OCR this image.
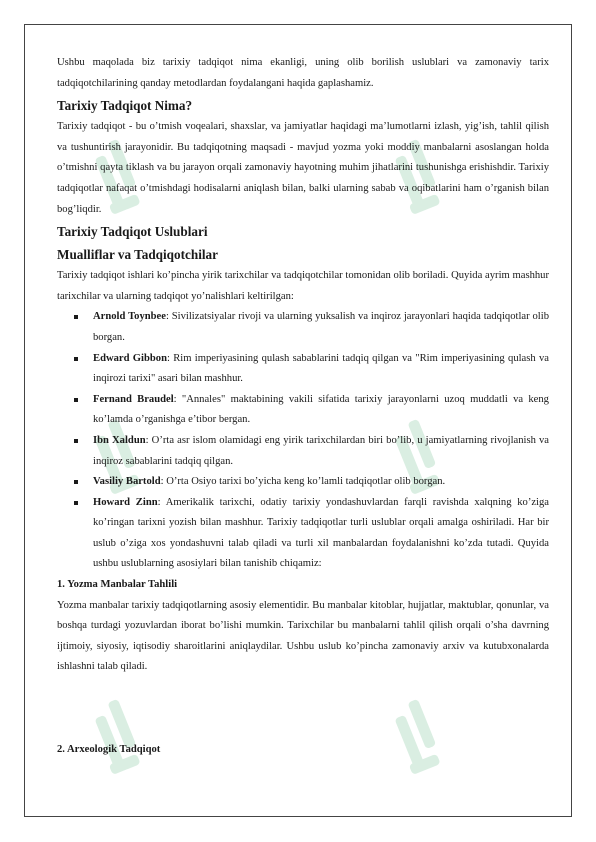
Ushbu maqolada biz tarixiy tadqiqot nima ekanligi, uning olib borilish uslublari va zamonaviy tarix tadqiqotchilarining qanday metodlardan foydalangani haqida gaplashamiz.

Tarixiy Tadqiqot Nima?

Tarixiy tadqiqot - bu o’tmish voqealari, shaxslar, va jamiyatlar haqidagi ma’lumotlarni izlash, yig’ish, tahlil qilish va tushuntirish jarayonidir. Bu tadqiqotning maqsadi - mavjud yozma yoki moddiy manbalarni asoslangan holda o’tmishni qayta tiklash va bu jarayon orqali zamonaviy hayotning muhim jihatlarini tushunishga erishishdir. Tarixiy tadqiqotlar nafaqat o’tmishdagi hodisalarni aniqlash bilan, balki ularning sabab va oqibatlarini ham o’rganish bilan bog’liqdir.

Tarixiy Tadqiqot Uslublari
Mualliflar va Tadqiqotchilar

Tarixiy tadqiqot ishlari ko’pincha yirik tarixchilar va tadqiqotchilar tomonidan olib boriladi. Quyida ayrim mashhur tarixchilar va ularning tadqiqot yo’nalishlari keltirilgan:

Arnold Toynbee: Sivilizatsiyalar rivoji va ularning yuksalish va inqiroz jarayonlari haqida tadqiqotlar olib borgan.
Edward Gibbon: Rim imperiyasining qulash sabablarini tadqiq qilgan va "Rim imperiyasining qulash va inqirozi tarixi" asari bilan mashhur.
Fernand Braudel: "Annales" maktabining vakili sifatida tarixiy jarayonlarni uzoq muddatli va keng ko’lamda o’rganishga e’tibor bergan.
Ibn Xaldun: O’rta asr islom olamidagi eng yirik tarixchilardan biri bo’lib, u jamiyatlarning rivojlanish va inqiroz sabablarini tadqiq qilgan.
Vasiliy Bartold: O’rta Osiyo tarixi bo’yicha keng ko’lamli tadqiqotlar olib borgan.
Howard Zinn: Amerikalik tarixchi, odatiy tarixiy yondashuvlardan farqli ravishda xalqning ko’ziga ko’ringan tarixni yozish bilan mashhur. Tarixiy tadqiqotlar turli uslublar orqali amalga oshiriladi. Har bir uslub o’ziga xos yondashuvni talab qiladi va turli xil manbalardan foydalanishni ko’zda tutadi. Quyida ushbu uslublarning asosiylari bilan tanishib chiqamiz:
1. Yozma Manbalar Tahlili

Yozma manbalar tarixiy tadqiqotlarning asosiy elementidir. Bu manbalar kitoblar, hujjatlar, maktublar, qonunlar, va boshqa turdagi yozuvlardan iborat bo’lishi mumkin. Tarixchilar bu manbalarni tahlil qilish orqali o’sha davrning ijtimoiy, siyosiy, iqtisodiy sharoitlarini aniqlaydilar. Ushbu uslub ko’pincha zamonaviy arxiv va kutubxonalarda ishlashni talab qiladi.

2. Arxeologik Tadqiqot
